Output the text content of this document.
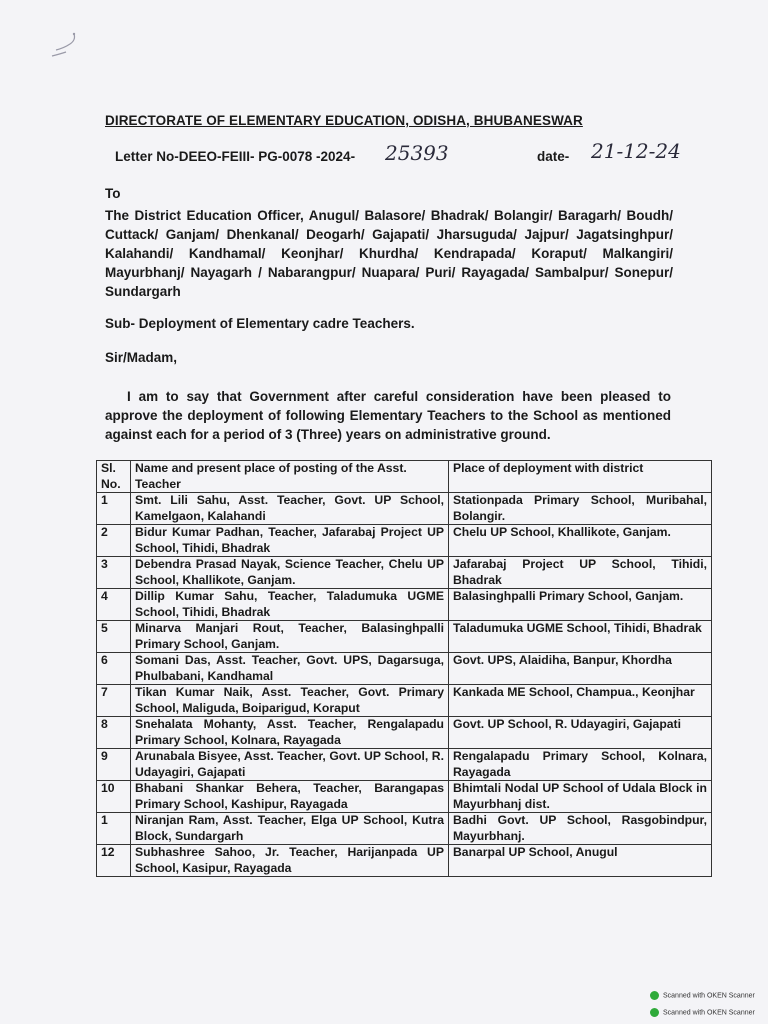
DIRECTORATE OF ELEMENTARY EDUCATION, ODISHA, BHUBANESWAR
Letter No-DEEO-FEIII- PG-0078 -2024- 25393	date- 21-12-24
To

The District Education Officer, Anugul/ Balasore/ Bhadrak/ Bolangir/ Baragarh/ Boudh/ Cuttack/ Ganjam/ Dhenkanal/ Deogarh/ Gajapati/ Jharsuguda/ Jajpur/ Jagatsinghpur/ Kalahandi/ Kandhamal/ Keonjhar/ Khurdha/ Kendrapada/ Koraput/ Malkangiri/ Mayurbhanj/ Nayagarh / Nabarangpur/ Nuapara/ Puri/ Rayagada/ Sambalpur/ Sonepur/ Sundargarh

Sub- Deployment of Elementary cadre Teachers.
Sir/Madam,

I am to say that Government after careful consideration have been pleased to approve the deployment of following Elementary Teachers to the School as mentioned against each for a period of 3 (Three) years on administrative ground.

Sl. No.	Name and present place of posting of the Asst. Teacher	Place of deployment with district
1	Smt. Lili Sahu, Asst. Teacher, Govt. UP School, Kamelgaon, Kalahandi	Stationpada Primary School, Muribahal, Bolangir.
2	Bidur Kumar Padhan, Teacher, Jafarabaj Project UP School, Tihidi, Bhadrak	Chelu UP School, Khallikote, Ganjam.
3	Debendra Prasad Nayak, Science Teacher, Chelu UP School, Khallikote, Ganjam.	Jafarabaj Project UP School, Tihidi, Bhadrak
4	Dillip Kumar Sahu, Teacher, Taladumuka UGME School, Tihidi, Bhadrak	Balasinghpalli Primary School, Ganjam.
5	Minarva Manjari Rout, Teacher, Balasinghpalli Primary School, Ganjam.	Taladumuka UGME School, Tihidi, Bhadrak
6	Somani Das, Asst. Teacher, Govt. UPS, Dagarsuga, Phulbabani, Kandhamal	Govt. UPS, Alaidiha, Banpur, Khordha
7	Tikan Kumar Naik, Asst. Teacher, Govt. Primary School, Maliguda, Boiparigud, Koraput	Kankada ME School, Champua., Keonjhar
8	Snehalata Mohanty, Asst. Teacher, Rengalapadu Primary School, Kolnara, Rayagada	Govt. UP School, R. Udayagiri, Gajapati
9	Arunabala Bisyee, Asst. Teacher, Govt. UP School, R. Udayagiri, Gajapati	Rengalapadu Primary School, Kolnara, Rayagada
10	Bhabani Shankar Behera, Teacher, Barangapas Primary School, Kashipur, Rayagada	Bhimtali Nodal UP School of Udala Block in Mayurbhanj dist.
1	Niranjan Ram, Asst. Teacher, Elga UP School, Kutra Block, Sundargarh	Badhi Govt. UP School, Rasgobindpur, Mayurbhanj.
12	Subhashree Sahoo, Jr. Teacher, Harijanpada UP School, Kasipur, Rayagada	Banarpal UP School, Anugul
Scanned with OKEN Scanner
Scanned with OKEN Scanner
